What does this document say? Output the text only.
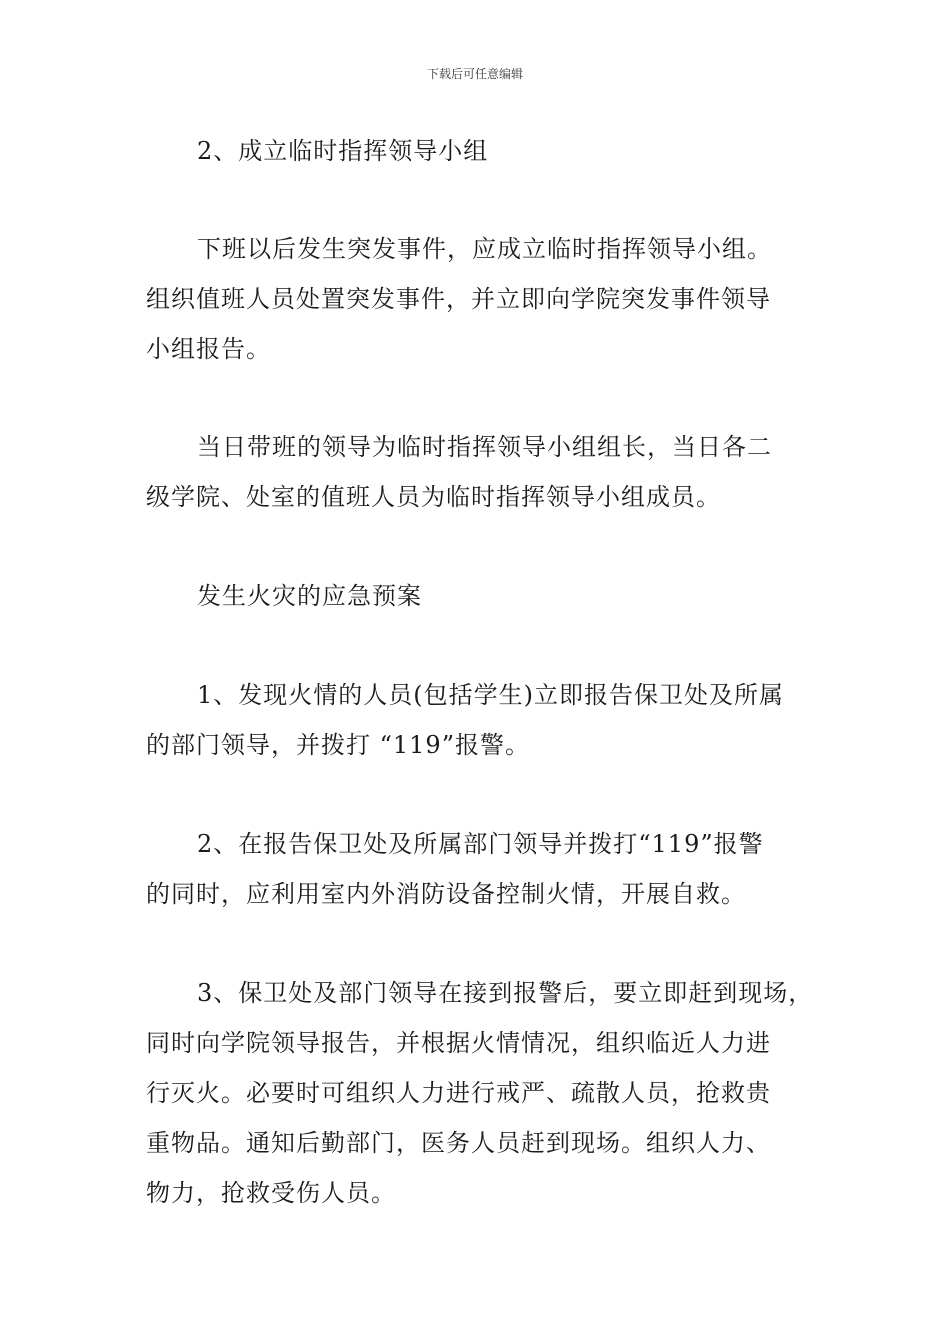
下载后可任意编辑
2、成立临时指挥领导小组
下班以后发生突发事件，应成立临时指挥领导小组。
组织值班人员处置突发事件，并立即向学院突发事件领导
小组报告。
当日带班的领导为临时指挥领导小组组长，当日各二
级学院、处室的值班人员为临时指挥领导小组成员。
发生火灾的应急预案
1、发现火情的人员(包括学生)立即报告保卫处及所属
的部门领导，并拨打 “119”报警。
2、在报告保卫处及所属部门领导并拨打“119”报警
的同时，应利用室内外消防设备控制火情，开展自救。
3、保卫处及部门领导在接到报警后，要立即赶到现场，
同时向学院领导报告，并根据火情情况，组织临近人力进
行灭火。必要时可组织人力进行戒严、疏散人员，抢救贵
重物品。通知后勤部门，医务人员赶到现场。组织人力、
物力，抢救受伤人员。
